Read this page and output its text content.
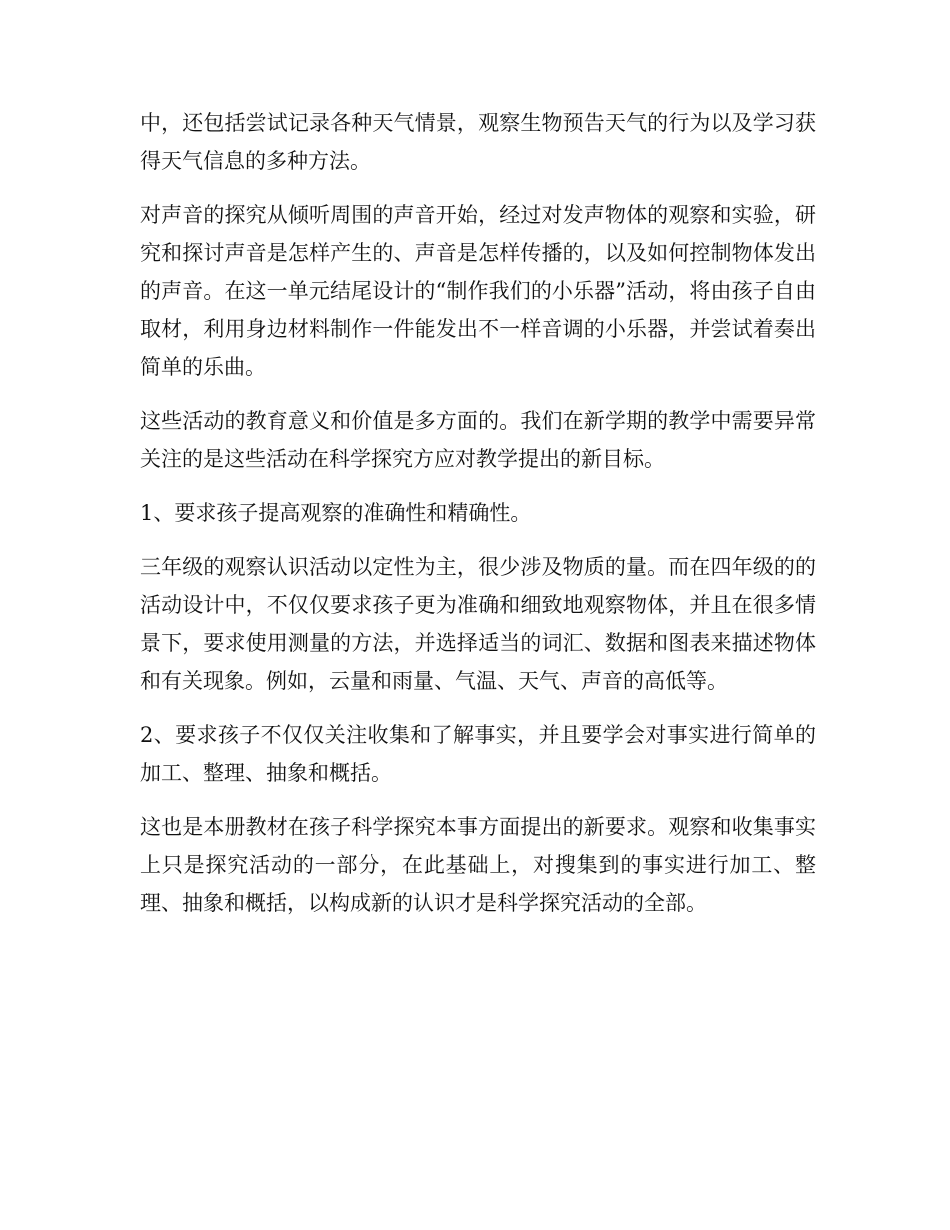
中，还包括尝试记录各种天气情景，观察生物预告天气的行为以及学习获得天气信息的多种方法。

对声音的探究从倾听周围的声音开始，经过对发声物体的观察和实验，研究和探讨声音是怎样产生的、声音是怎样传播的，以及如何控制物体发出的声音。在这一单元结尾设计的“制作我们的小乐器”活动，将由孩子自由取材，利用身边材料制作一件能发出不一样音调的小乐器，并尝试着奏出简单的乐曲。

这些活动的教育意义和价值是多方面的。我们在新学期的教学中需要异常关注的是这些活动在科学探究方应对教学提出的新目标。

1、要求孩子提高观察的准确性和精确性。

三年级的观察认识活动以定性为主，很少涉及物质的量。而在四年级的的活动设计中，不仅仅要求孩子更为准确和细致地观察物体，并且在很多情景下，要求使用测量的方法，并选择适当的词汇、数据和图表来描述物体和有关现象。例如，云量和雨量、气温、天气、声音的高低等。

2、要求孩子不仅仅关注收集和了解事实，并且要学会对事实进行简单的加工、整理、抽象和概括。

这也是本册教材在孩子科学探究本事方面提出的新要求。观察和收集事实上只是探究活动的一部分，在此基础上，对搜集到的事实进行加工、整理、抽象和概括，以构成新的认识才是科学探究活动的全部。
